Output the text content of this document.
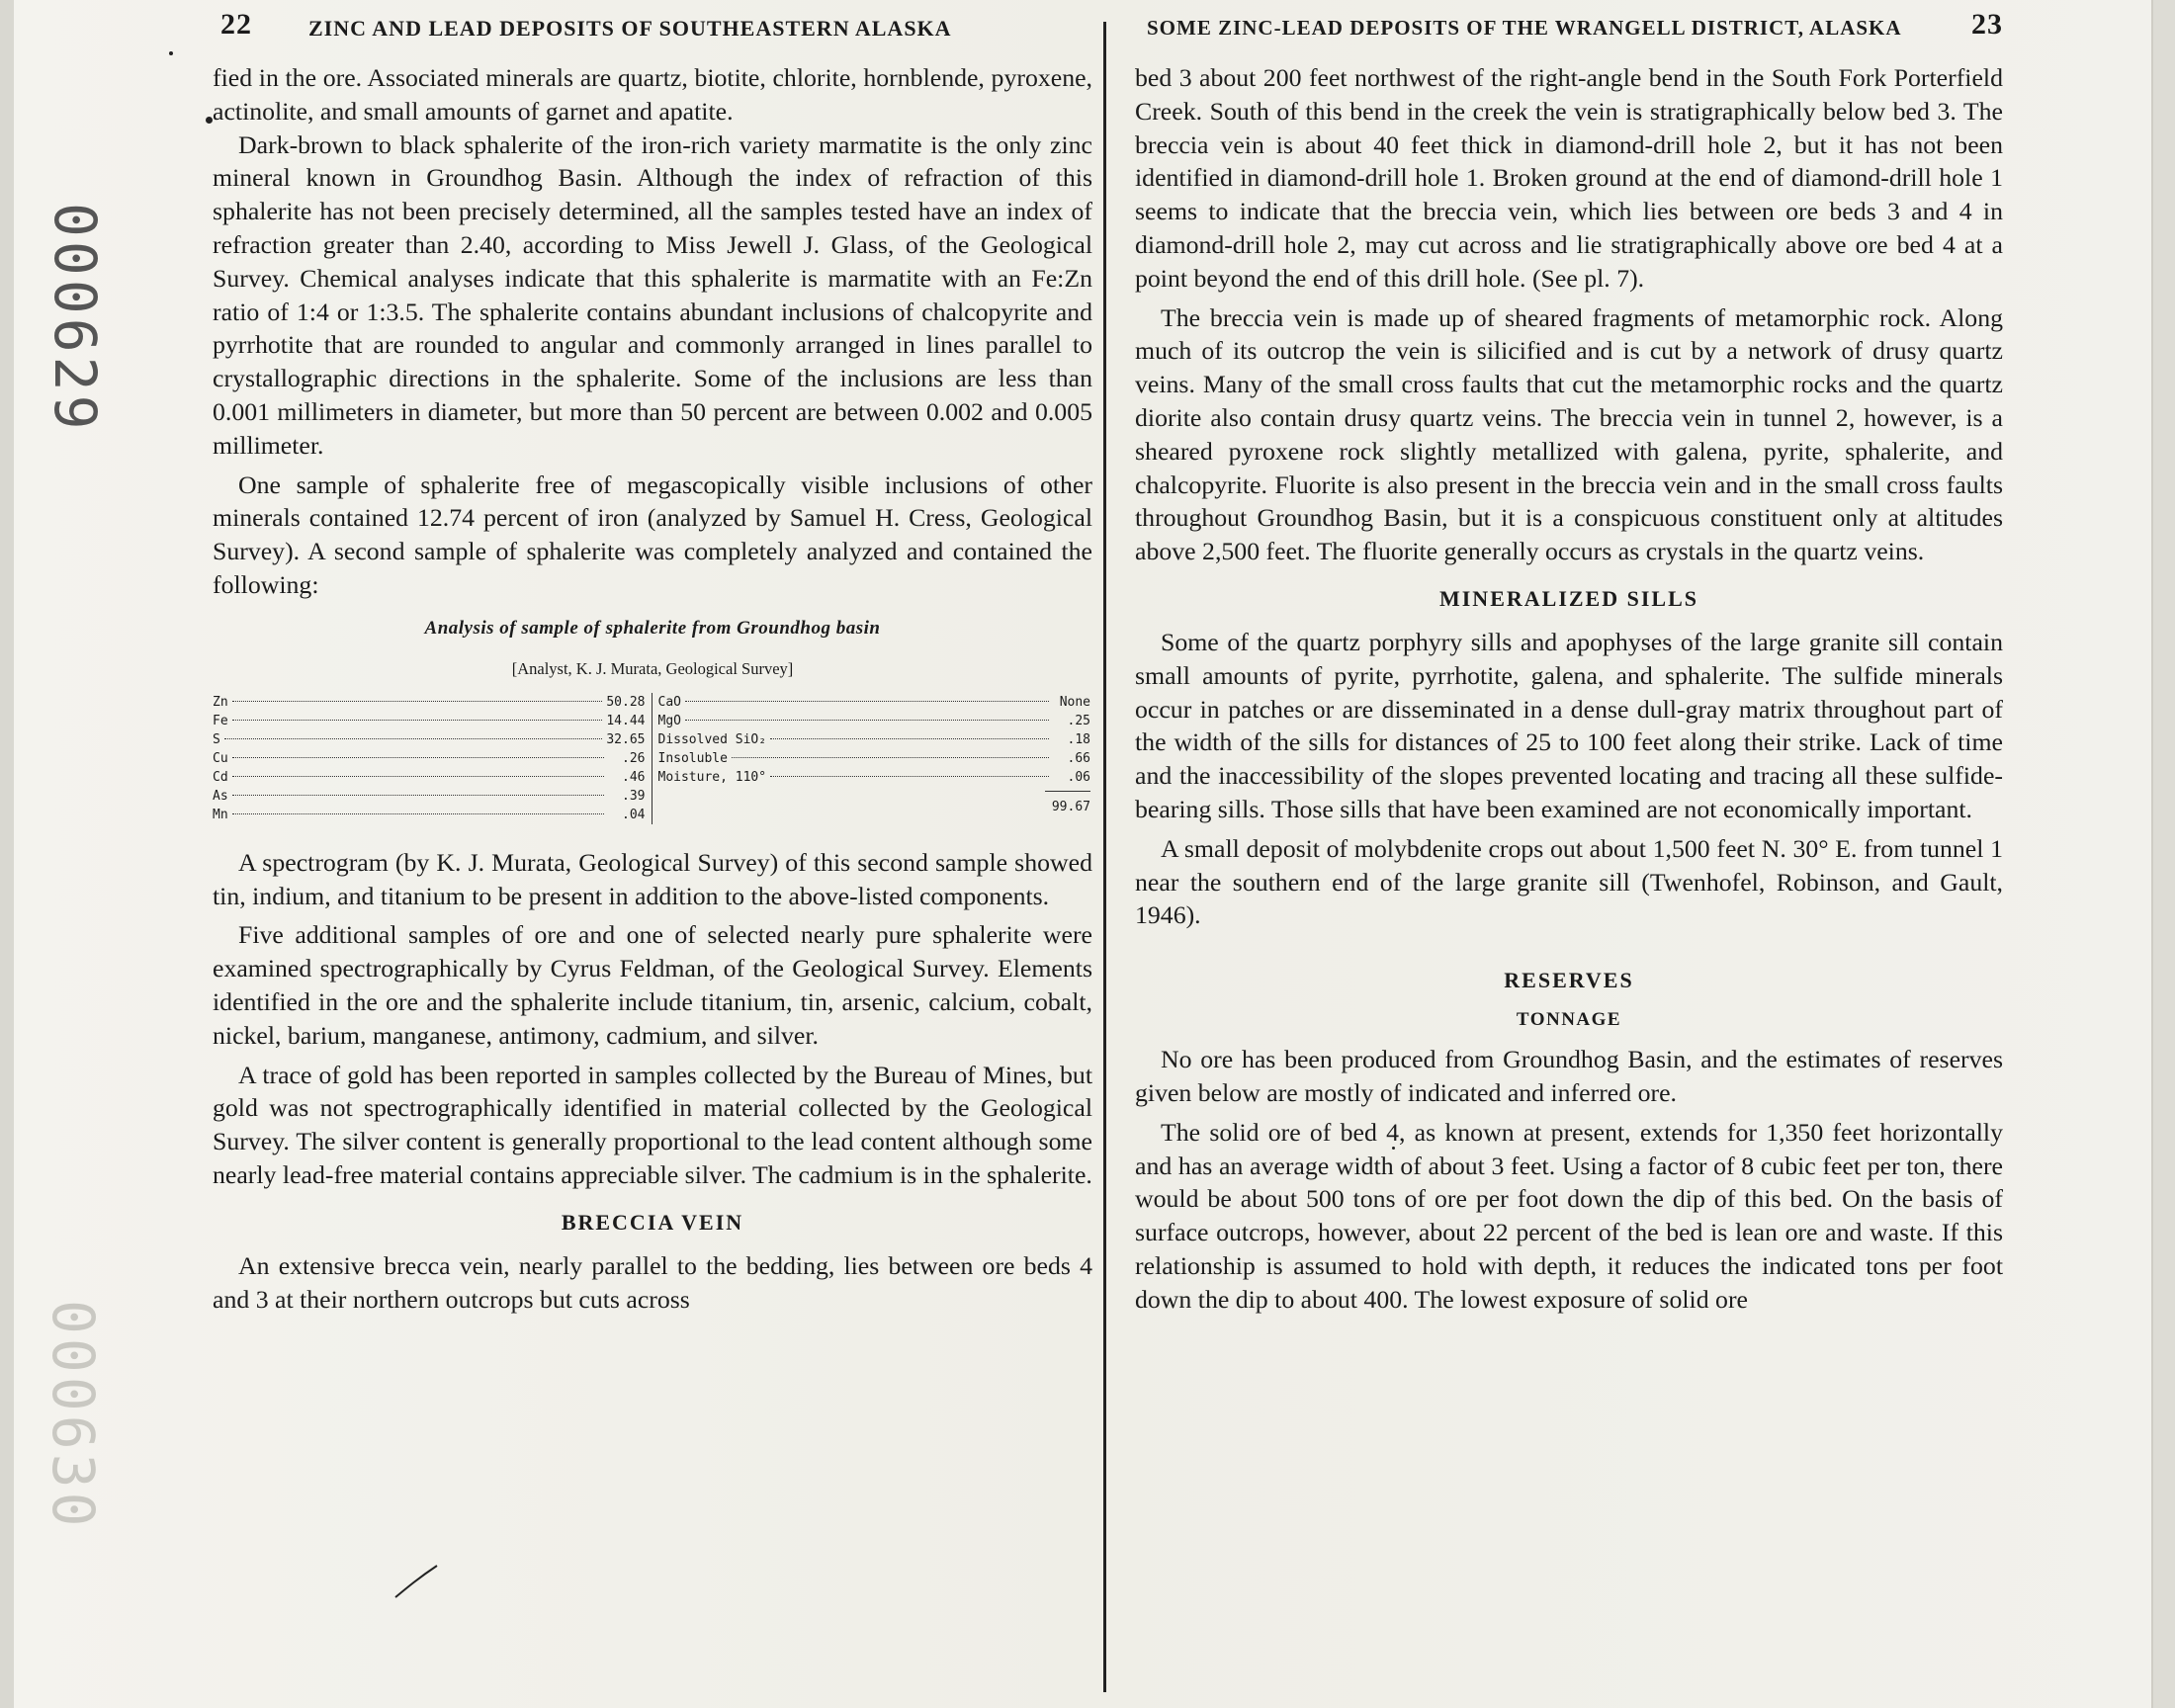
000629
000630
22	ZINC AND LEAD DEPOSITS OF SOUTHEASTERN ALASKA

fied in the ore. Associated minerals are quartz, biotite, chlorite, hornblende, pyroxene, actinolite, and small amounts of garnet and apatite.

Dark-brown to black sphalerite of the iron-rich variety marmatite is the only zinc mineral known in Groundhog Basin. Although the index of refraction of this sphalerite has not been precisely determined, all the samples tested have an index of refraction greater than 2.40, according to Miss Jewell J. Glass, of the Geological Survey. Chemical analyses indicate that this sphalerite is marmatite with an Fe:Zn ratio of 1:4 or 1:3.5. The sphalerite contains abundant inclusions of chalcopyrite and pyrrhotite that are rounded to angular and commonly arranged in lines parallel to crystallographic directions in the sphalerite. Some of the inclusions are less than 0.001 millimeters in diameter, but more than 50 percent are between 0.002 and 0.005 millimeter.

One sample of sphalerite free of megascopically visible inclusions of other minerals contained 12.74 percent of iron (analyzed by Samuel H. Cress, Geological Survey). A second sample of sphalerite was completely analyzed and contained the following:

Analysis of sample of sphalerite from Groundhog basin
[Analyst, K. J. Murata, Geological Survey]
Zn	50.28
Fe	14.44
S	32.65
Cu	.26
Cd	.46
As	.39
Mn	.04
CaO	None
MgO	.25
Dissolved SiO₂	.18
Insoluble	.66
Moisture, 110°	.06
99.67

A spectrogram (by K. J. Murata, Geological Survey) of this second sample showed tin, indium, and titanium to be present in addition to the above-listed components.

Five additional samples of ore and one of selected nearly pure sphalerite were examined spectrographically by Cyrus Feldman, of the Geological Survey. Elements identified in the ore and the sphalerite include titanium, tin, arsenic, calcium, cobalt, nickel, barium, manganese, antimony, cadmium, and silver.

A trace of gold has been reported in samples collected by the Bureau of Mines, but gold was not spectrographically identified in material collected by the Geological Survey. The silver content is generally proportional to the lead content although some nearly lead-free material contains appreciable silver. The cadmium is in the sphalerite.

BRECCIA VEIN

An extensive brecca vein, nearly parallel to the bedding, lies between ore beds 4 and 3 at their northern outcrops but cuts across

SOME ZINC-LEAD DEPOSITS OF THE WRANGELL DISTRICT, ALASKA 23

bed 3 about 200 feet northwest of the right-angle bend in the South Fork Porterfield Creek. South of this bend in the creek the vein is stratigraphically below bed 3. The breccia vein is about 40 feet thick in diamond-drill hole 2, but it has not been identified in diamond-drill hole 1. Broken ground at the end of diamond-drill hole 1 seems to indicate that the breccia vein, which lies between ore beds 3 and 4 in diamond-drill hole 2, may cut across and lie stratigraphically above ore bed 4 at a point beyond the end of this drill hole. (See pl. 7).

The breccia vein is made up of sheared fragments of metamorphic rock. Along much of its outcrop the vein is silicified and is cut by a network of drusy quartz veins. Many of the small cross faults that cut the metamorphic rocks and the quartz diorite also contain drusy quartz veins. The breccia vein in tunnel 2, however, is a sheared pyroxene rock slightly metallized with galena, pyrite, sphalerite, and chalcopyrite. Fluorite is also present in the breccia vein and in the small cross faults throughout Groundhog Basin, but it is a conspicuous constituent only at altitudes above 2,500 feet. The fluorite generally occurs as crystals in the quartz veins.

MINERALIZED SILLS

Some of the quartz porphyry sills and apophyses of the large granite sill contain small amounts of pyrite, pyrrhotite, galena, and sphalerite. The sulfide minerals occur in patches or are disseminated in a dense dull-gray matrix throughout part of the width of the sills for distances of 25 to 100 feet along their strike. Lack of time and the inaccessibility of the slopes prevented locating and tracing all these sulfide-bearing sills. Those sills that have been examined are not economically important.

A small deposit of molybdenite crops out about 1,500 feet N. 30° E. from tunnel 1 near the southern end of the large granite sill (Twenhofel, Robinson, and Gault, 1946).

RESERVES
TONNAGE

No ore has been produced from Groundhog Basin, and the estimates of reserves given below are mostly of indicated and inferred ore.

The solid ore of bed 4, as known at present, extends for 1,350 feet horizontally and has an average width of about 3 feet. Using a factor of 8 cubic feet per ton, there would be about 500 tons of ore per foot down the dip of this bed. On the basis of surface outcrops, however, about 22 percent of the bed is lean ore and waste. If this relationship is assumed to hold with depth, it reduces the indicated tons per foot down the dip to about 400. The lowest exposure of solid ore
